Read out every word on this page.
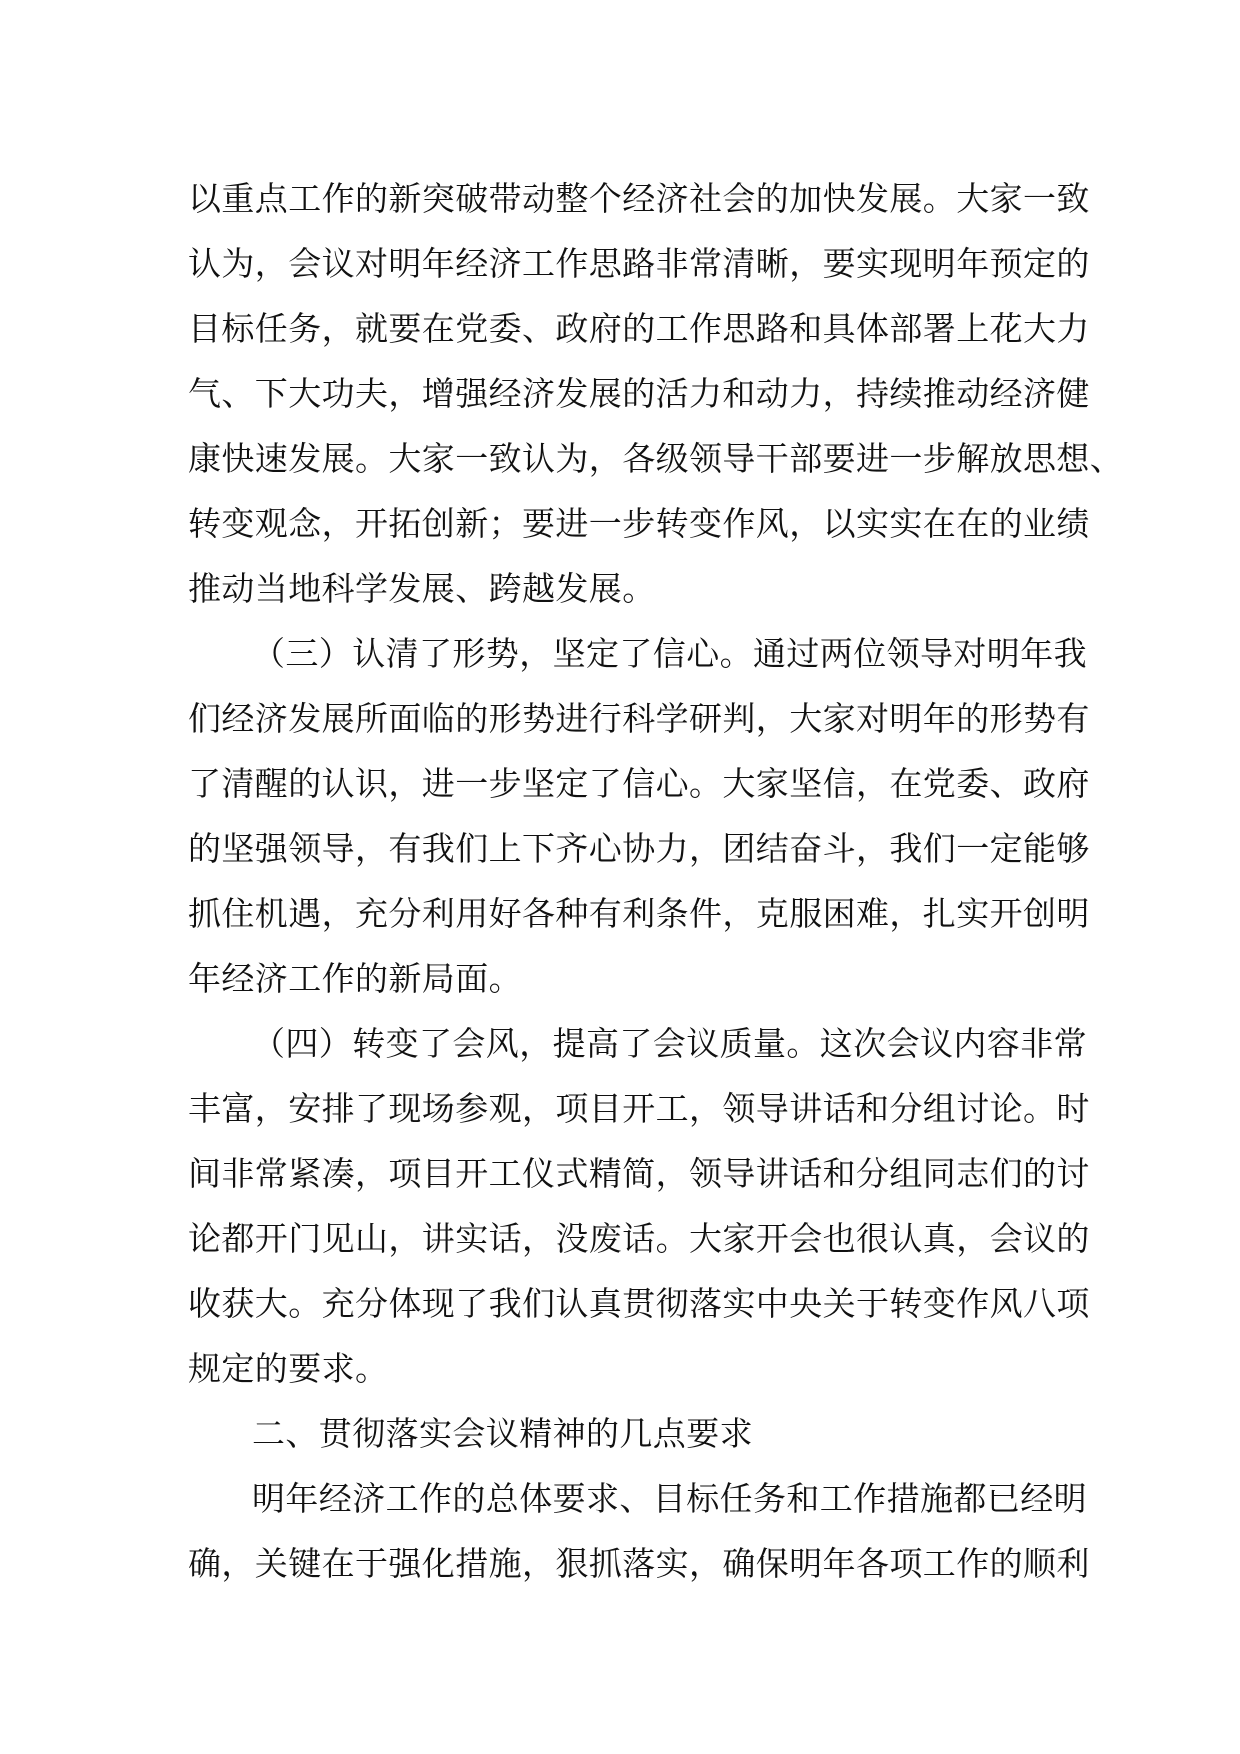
以重点工作的新突破带动整个经济社会的加快发展。大家一致
认为，会议对明年经济工作思路非常清晰，要实现明年预定的
目标任务，就要在党委、政府的工作思路和具体部署上花大力
气、下大功夫，增强经济发展的活力和动力，持续推动经济健
康快速发展。大家一致认为，各级领导干部要进一步解放思想、
转变观念，开拓创新；要进一步转变作风，以实实在在的业绩
推动当地科学发展、跨越发展。
（三）认清了形势，坚定了信心。通过两位领导对明年我
们经济发展所面临的形势进行科学研判，大家对明年的形势有
了清醒的认识，进一步坚定了信心。大家坚信，在党委、政府
的坚强领导，有我们上下齐心协力，团结奋斗，我们一定能够
抓住机遇，充分利用好各种有利条件，克服困难，扎实开创明
年经济工作的新局面。
（四）转变了会风，提高了会议质量。这次会议内容非常
丰富，安排了现场参观，项目开工，领导讲话和分组讨论。时
间非常紧凑，项目开工仪式精简，领导讲话和分组同志们的讨
论都开门见山，讲实话，没废话。大家开会也很认真，会议的
收获大。充分体现了我们认真贯彻落实中央关于转变作风八项
规定的要求。
二、贯彻落实会议精神的几点要求
明年经济工作的总体要求、目标任务和工作措施都已经明
确，关键在于强化措施，狠抓落实，确保明年各项工作的顺利
